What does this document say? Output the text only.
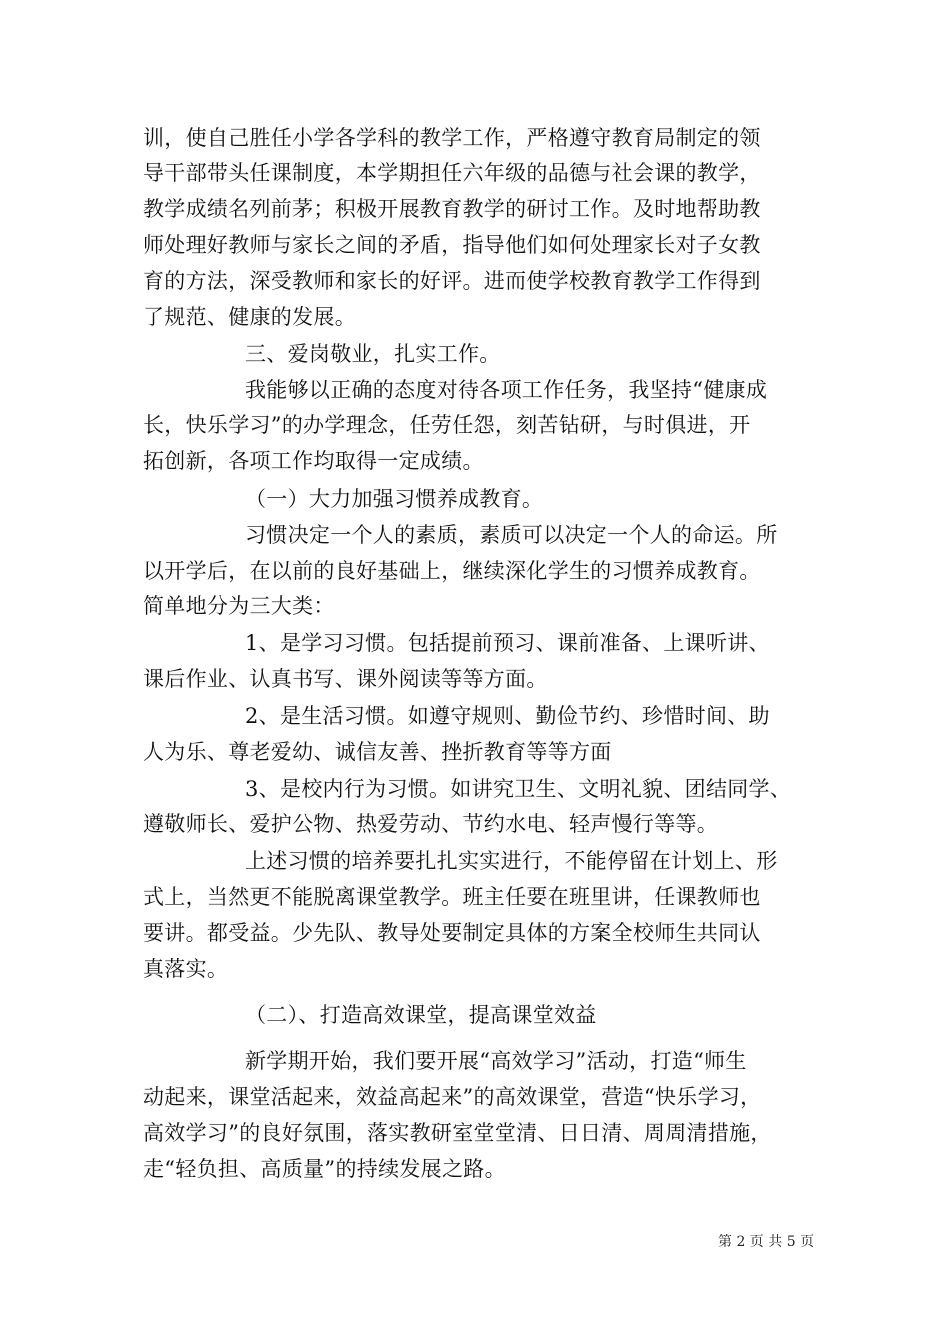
训，使自己胜任小学各学科的教学工作，严格遵守教育局制定的领
导干部带头任课制度，本学期担任六年级的品德与社会课的教学，
教学成绩名列前茅；积极开展教育教学的研讨工作。及时地帮助教
师处理好教师与家长之间的矛盾，指导他们如何处理家长对子女教
育的方法，深受教师和家长的好评。进而使学校教育教学工作得到
了规范、健康的发展。
三、爱岗敬业，扎实工作。
我能够以正确的态度对待各项工作任务，我坚持“健康成
长，快乐学习”的办学理念，任劳任怨，刻苦钻研，与时俱进，开
拓创新，各项工作均取得一定成绩。
（一）大力加强习惯养成教育。
习惯决定一个人的素质，素质可以决定一个人的命运。所
以开学后，在以前的良好基础上，继续深化学生的习惯养成教育。
简单地分为三大类：
1、是学习习惯。包括提前预习、课前准备、上课听讲、
课后作业、认真书写、课外阅读等等方面。
2、是生活习惯。如遵守规则、勤俭节约、珍惜时间、助
人为乐、尊老爱幼、诚信友善、挫折教育等等方面
3、是校内行为习惯。如讲究卫生、文明礼貌、团结同学、
遵敬师长、爱护公物、热爱劳动、节约水电、轻声慢行等等。
上述习惯的培养要扎扎实实进行，不能停留在计划上、形
式上，当然更不能脱离课堂教学。班主任要在班里讲，任课教师也
要讲。都受益。少先队、教导处要制定具体的方案全校师生共同认
真落实。
（二）、打造高效课堂，提高课堂效益
新学期开始，我们要开展“高效学习”活动，打造“师生
动起来，课堂活起来，效益高起来”的高效课堂，营造“快乐学习，
高效学习”的良好氛围，落实教研室堂堂清、日日清、周周清措施，
走“轻负担、高质量”的持续发展之路。
第 2 页 共 5 页
